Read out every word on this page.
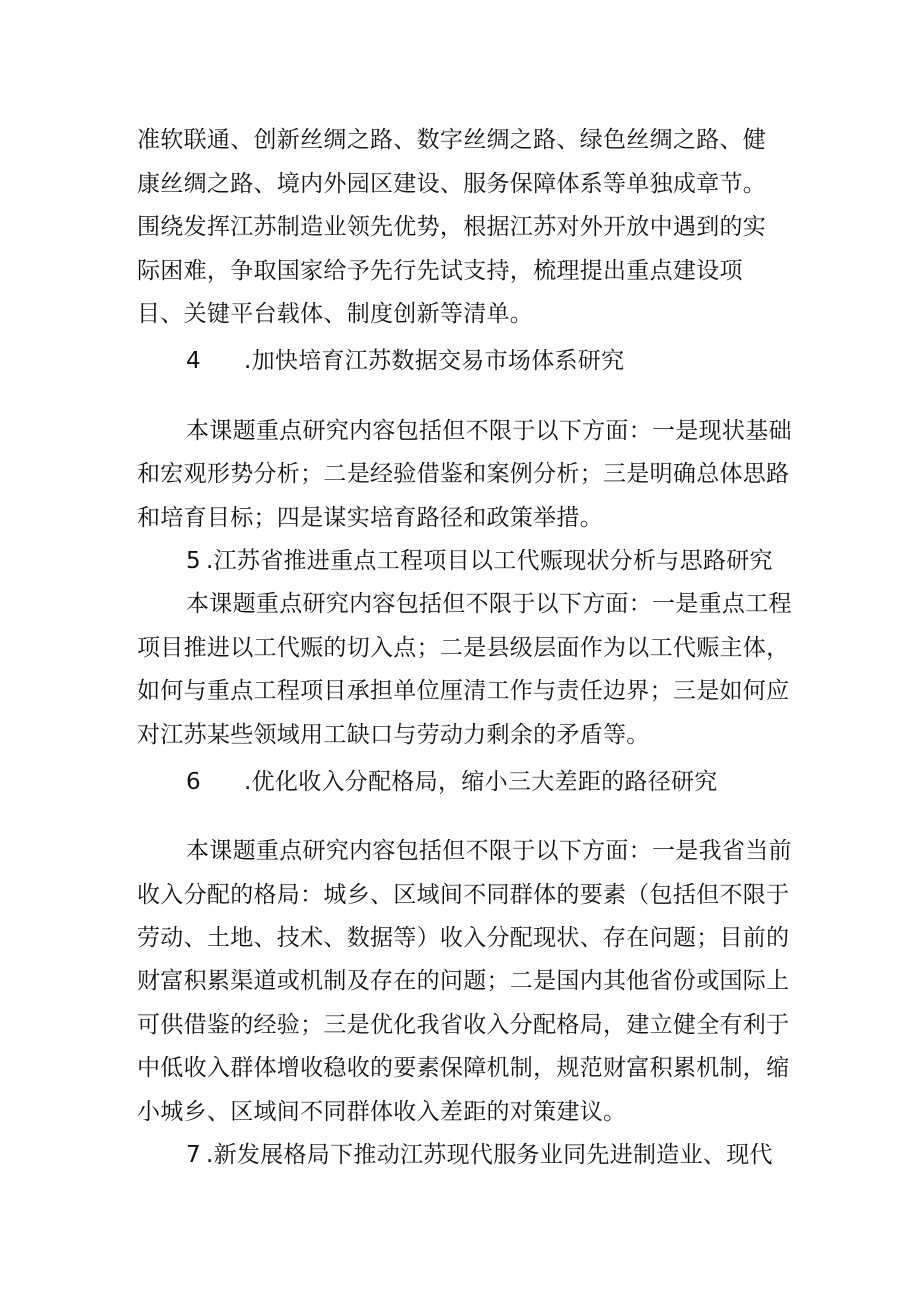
准软联通、创新丝绸之路、数字丝绸之路、绿色丝绸之路、健
康丝绸之路、境内外园区建设、服务保障体系等单独成章节。
围绕发挥江苏制造业领先优势，根据江苏对外开放中遇到的实
际困难，争取国家给予先行先试支持，梳理提出重点建设项
目、关键平台载体、制度创新等清单。
4 .加快培育江苏数据交易市场体系研究
本课题重点研究内容包括但不限于以下方面：一是现状基础
和宏观形势分析；二是经验借鉴和案例分析；三是明确总体思路
和培育目标；四是谋实培育路径和政策举措。
5 .江苏省推进重点工程项目以工代赈现状分析与思路研究
本课题重点研究内容包括但不限于以下方面：一是重点工程
项目推进以工代赈的切入点；二是县级层面作为以工代赈主体，
如何与重点工程项目承担单位厘清工作与责任边界；三是如何应
对江苏某些领域用工缺口与劳动力剩余的矛盾等。
6 .优化收入分配格局，缩小三大差距的路径研究
本课题重点研究内容包括但不限于以下方面：一是我省当前
收入分配的格局：城乡、区域间不同群体的要素（包括但不限于
劳动、土地、技术、数据等）收入分配现状、存在问题；目前的
财富积累渠道或机制及存在的问题；二是国内其他省份或国际上
可供借鉴的经验；三是优化我省收入分配格局，建立健全有利于
中低收入群体增收稳收的要素保障机制，规范财富积累机制，缩
小城乡、区域间不同群体收入差距的对策建议。
7 .新发展格局下推动江苏现代服务业同先进制造业、现代
